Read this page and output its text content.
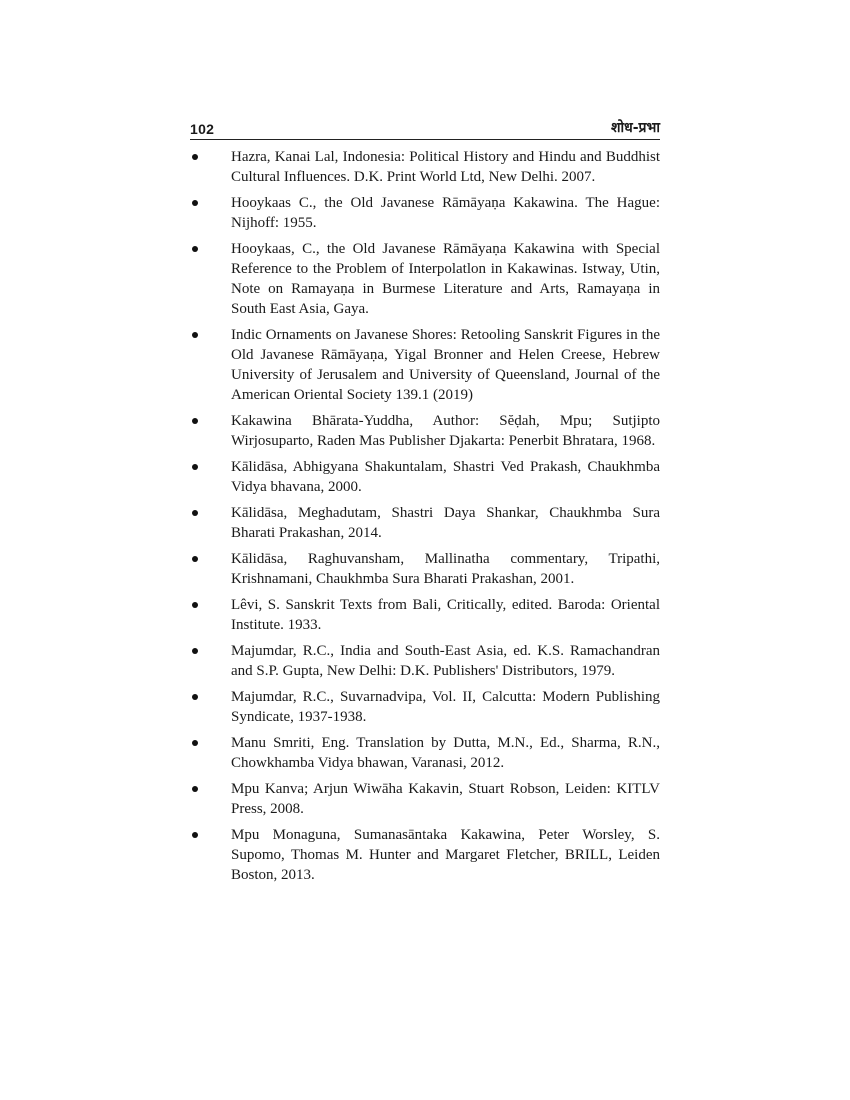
102	शोध-प्रभा
Hazra, Kanai Lal, Indonesia: Political History and Hindu and Buddhist Cultural Influences. D.K. Print World Ltd, New Delhi. 2007.
Hooykaas C., the Old Javanese Rāmāyaṇa Kakawina. The Hague: Nijhoff: 1955.
Hooykaas, C., the Old Javanese Rāmāyaṇa Kakawina with Special Reference to the Problem of Interpolatlon in Kakawinas. Istway, Utin, Note on Ramayaṇa in Burmese Literature and Arts, Ramayaṇa in South East Asia, Gaya.
Indic Ornaments on Javanese Shores: Retooling Sanskrit Figures in the Old Javanese Rāmāyaṇa, Yigal Bronner and Helen Creese, Hebrew University of Jerusalem and University of Queensland, Journal of the American Oriental Society 139.1 (2019)
Kakawina Bhārata-Yuddha, Author: Sĕḍah, Mpu; Sutjipto Wirjosuparto, Raden Mas Publisher Djakarta: Penerbit Bhratara, 1968.
Kālidāsa, Abhigyana Shakuntalam, Shastri Ved Prakash, Chaukhmba Vidya bhavana, 2000.
Kālidāsa, Meghadutam, Shastri Daya Shankar, Chaukhmba Sura Bharati Prakashan, 2014.
Kālidāsa, Raghuvansham, Mallinatha commentary, Tripathi, Krishnamani, Chaukhmba Sura Bharati Prakashan, 2001.
Lêvi, S. Sanskrit Texts from Bali, Critically, edited. Baroda: Oriental Institute. 1933.
Majumdar, R.C., India and South-East Asia, ed. K.S. Ramachandran and S.P. Gupta, New Delhi: D.K. Publishers' Distributors, 1979.
Majumdar, R.C., Suvarnadvipa, Vol. II, Calcutta: Modern Publishing Syndicate, 1937-1938.
Manu Smriti, Eng. Translation by Dutta, M.N., Ed., Sharma, R.N., Chowkhamba Vidya bhawan, Varanasi, 2012.
Mpu Kanva; Arjun Wiwāha Kakavin, Stuart Robson, Leiden: KITLV Press, 2008.
Mpu Monaguna, Sumanasāntaka Kakawina, Peter Worsley, S. Supomo, Thomas M. Hunter and Margaret Fletcher, BRILL, Leiden Boston, 2013.
